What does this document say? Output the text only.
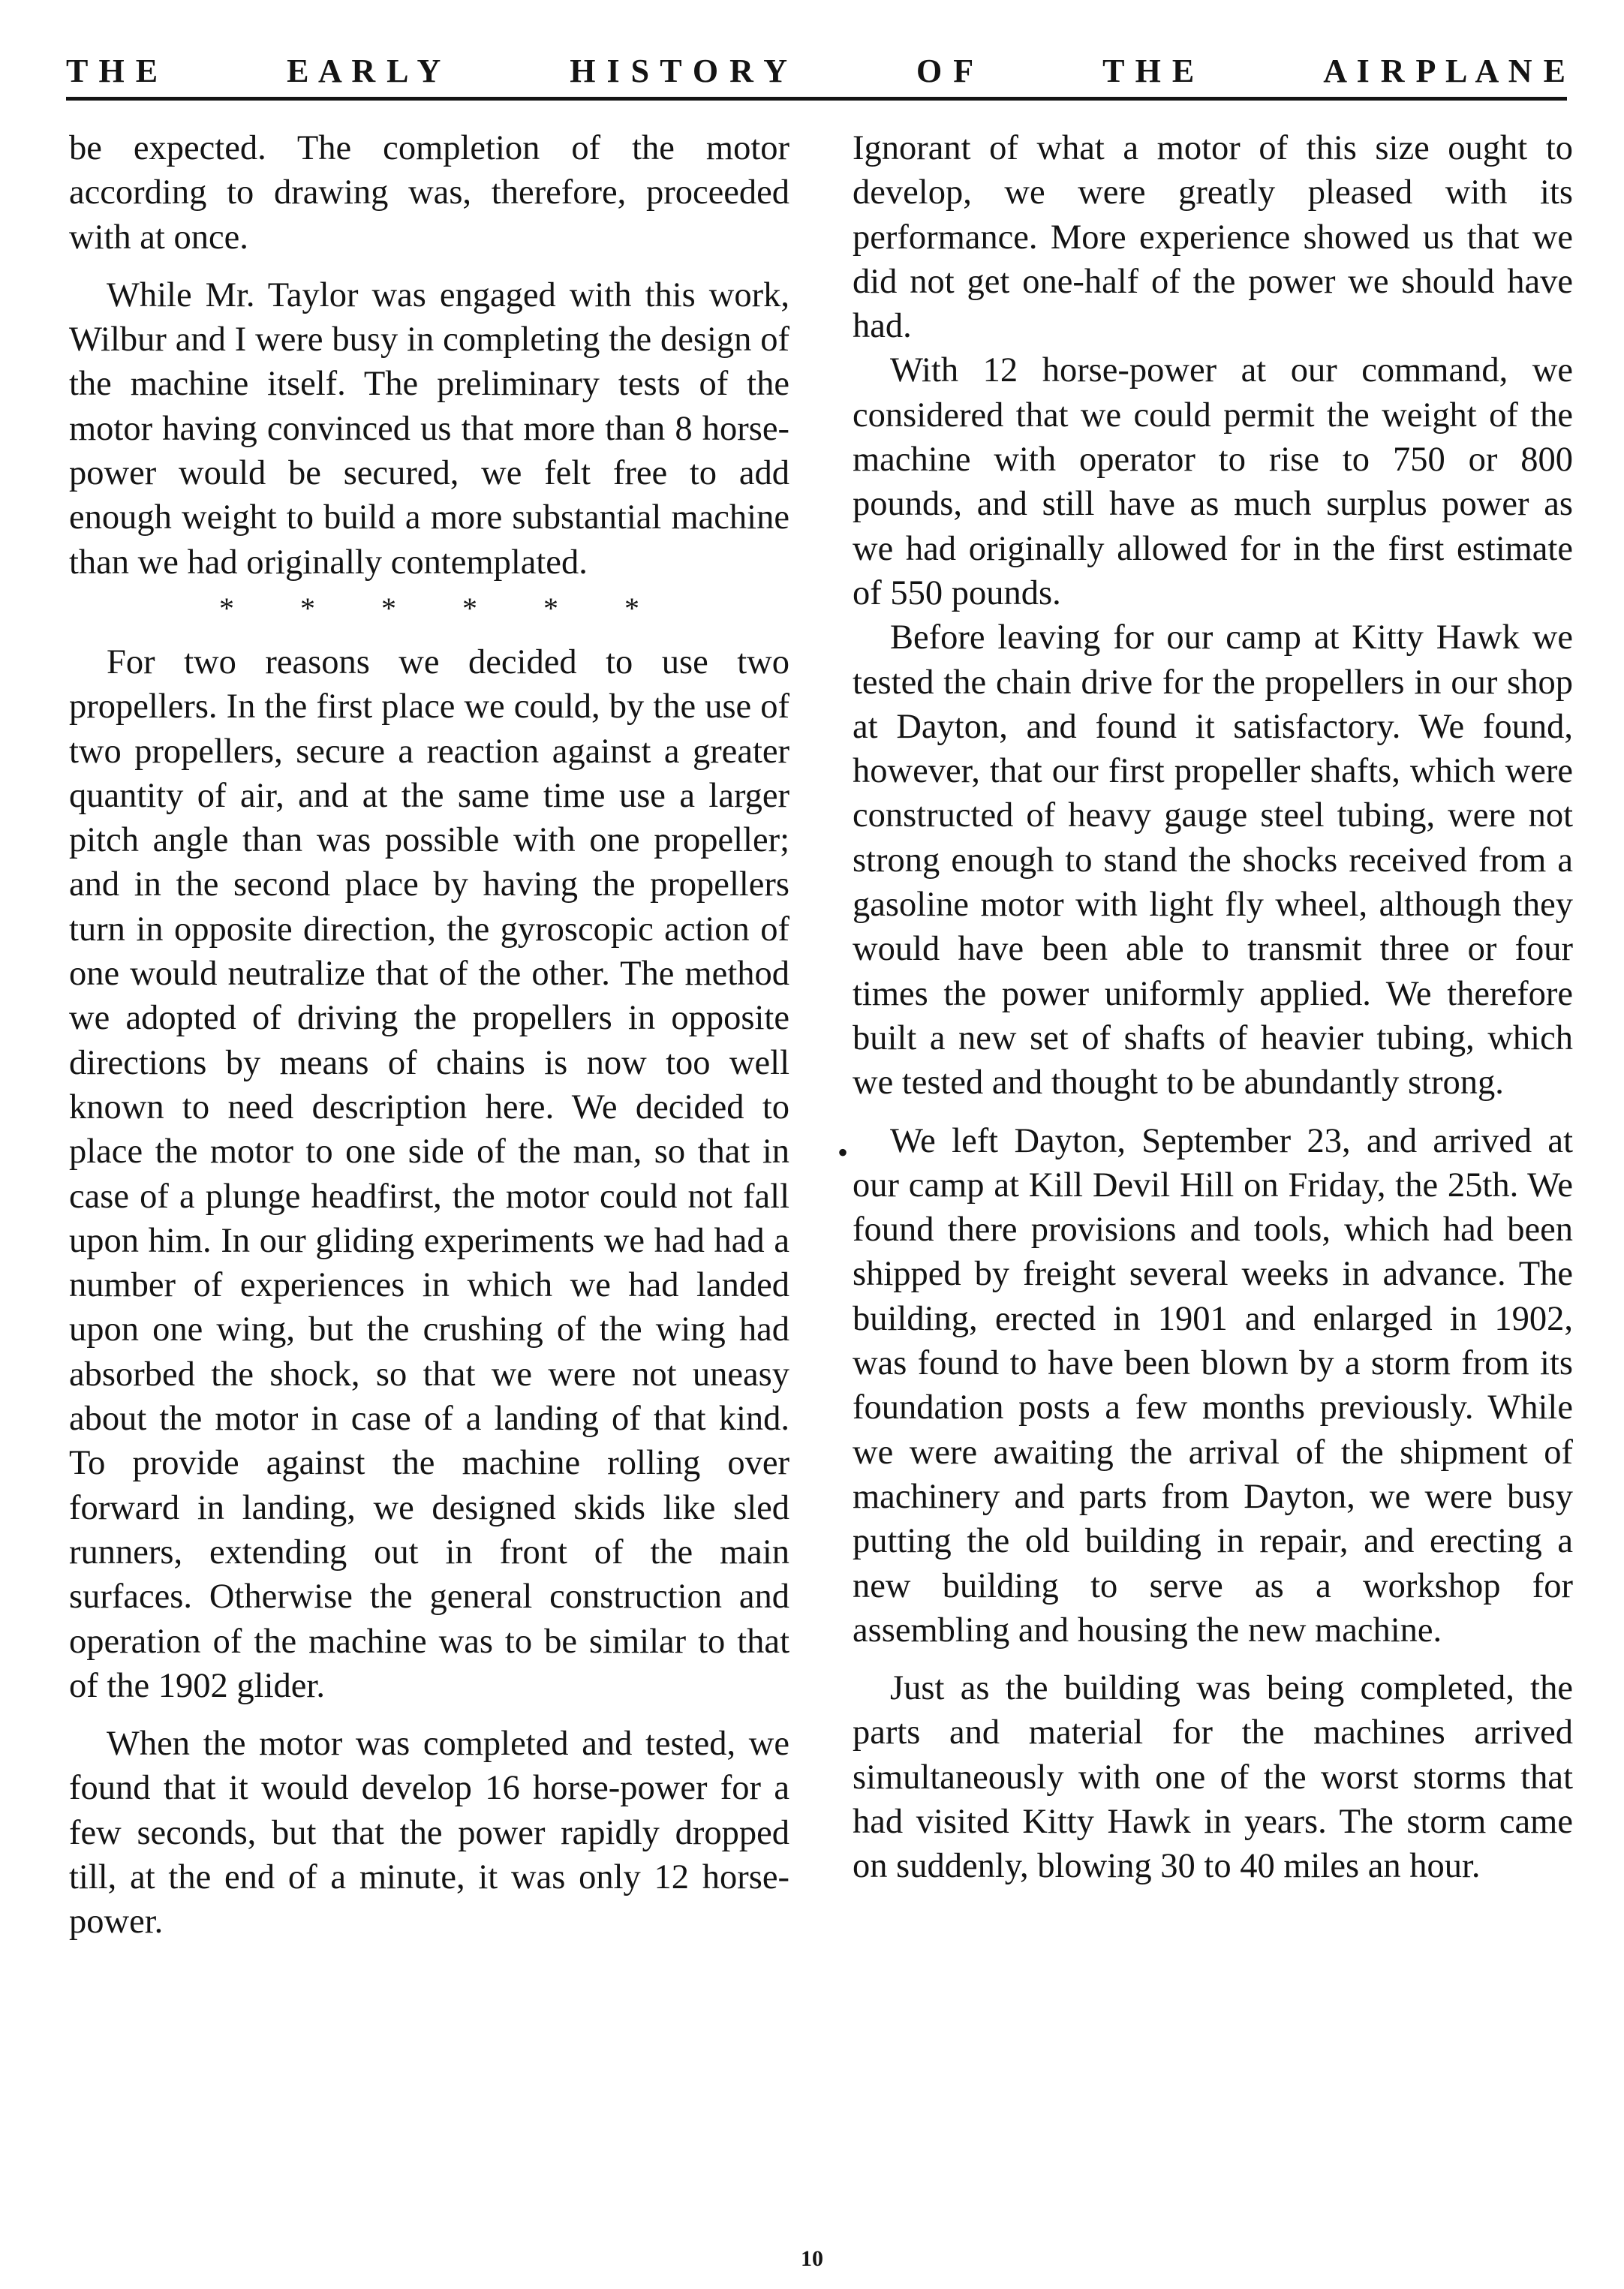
T H E	E A R L Y	H I S T O R Y	O F	T H E	A I R P L A N E

be expected. The completion of the motor according to drawing was, therefore, proceeded with at once.

While Mr. Taylor was engaged with this work, Wilbur and I were busy in completing the design of the machine itself. The preliminary tests of the motor having convinced us that more than 8 horse-power would be secured, we felt free to add enough weight to build a more substantial machine than we had originally contemplated.

* * * * * *

For two reasons we decided to use two propellers. In the first place we could, by the use of two propellers, secure a reaction against a greater quantity of air, and at the same time use a larger pitch angle than was possible with one propeller; and in the second place by having the propellers turn in opposite direction, the gyroscopic action of one would neutralize that of the other. The method we adopted of driving the propellers in opposite directions by means of chains is now too well known to need description here. We decided to place the motor to one side of the man, so that in case of a plunge headfirst, the motor could not fall upon him. In our gliding experiments we had had a number of experiences in which we had landed upon one wing, but the crushing of the wing had absorbed the shock, so that we were not uneasy about the motor in case of a landing of that kind. To provide against the machine rolling over forward in landing, we designed skids like sled runners, extending out in front of the main surfaces. Otherwise the general construction and operation of the machine was to be similar to that of the 1902 glider.

When the motor was completed and tested, we found that it would develop 16 horse-power for a few seconds, but that the power rapidly dropped till, at the end of a minute, it was only 12 horse-power.

•

Ignorant of what a motor of this size ought to develop, we were greatly pleased with its performance. More experience showed us that we did not get one-half of the power we should have had.

With 12 horse-power at our command, we considered that we could permit the weight of the machine with operator to rise to 750 or 800 pounds, and still have as much surplus power as we had originally allowed for in the first estimate of 550 pounds.

Before leaving for our camp at Kitty Hawk we tested the chain drive for the propellers in our shop at Dayton, and found it satisfactory. We found, however, that our first propeller shafts, which were constructed of heavy gauge steel tubing, were not strong enough to stand the shocks received from a gasoline motor with light fly wheel, although they would have been able to transmit three or four times the power uniformly applied. We therefore built a new set of shafts of heavier tubing, which we tested and thought to be abundantly strong.

We left Dayton, September 23, and arrived at our camp at Kill Devil Hill on Friday, the 25th. We found there provisions and tools, which had been shipped by freight several weeks in advance. The building, erected in 1901 and enlarged in 1902, was found to have been blown by a storm from its foundation posts a few months previously. While we were awaiting the arrival of the shipment of machinery and parts from Dayton, we were busy putting the old building in repair, and erecting a new building to serve as a workshop for assembling and housing the new machine.

Just as the building was being completed, the parts and material for the machines arrived simultaneously with one of the worst storms that had visited Kitty Hawk in years. The storm came on suddenly, blowing 30 to 40 miles an hour.

10
